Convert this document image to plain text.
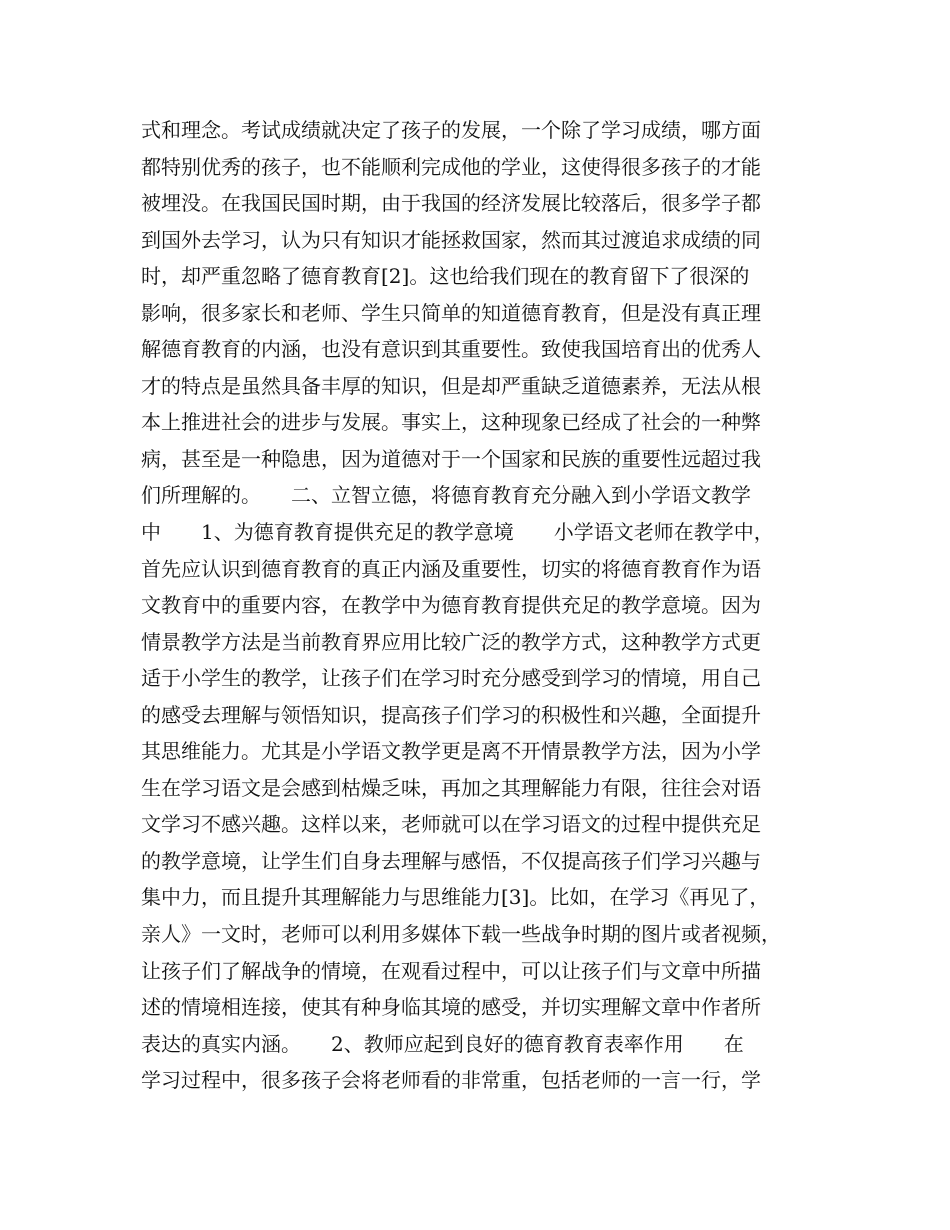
式和理念。考试成绩就决定了孩子的发展，一个除了学习成绩，哪方面
都特别优秀的孩子，也不能顺利完成他的学业，这使得很多孩子的才能
被埋没。在我国民国时期，由于我国的经济发展比较落后，很多学子都
到国外去学习，认为只有知识才能拯救国家，然而其过渡追求成绩的同
时，却严重忽略了德育教育[2]。这也给我们现在的教育留下了很深的
影响，很多家长和老师、学生只简单的知道德育教育，但是没有真正理
解德育教育的内涵，也没有意识到其重要性。致使我国培育出的优秀人
才的特点是虽然具备丰厚的知识，但是却严重缺乏道德素养，无法从根
本上推进社会的进步与发展。事实上，这种现象已经成了社会的一种弊
病，甚至是一种隐患，因为道德对于一个国家和民族的重要性远超过我
们所理解的。　　二、立智立德，将德育教育充分融入到小学语文教学
中　　1、为德育教育提供充足的教学意境　　小学语文老师在教学中，
首先应认识到德育教育的真正内涵及重要性，切实的将德育教育作为语
文教育中的重要内容，在教学中为德育教育提供充足的教学意境。因为
情景教学方法是当前教育界应用比较广泛的教学方式，这种教学方式更
适于小学生的教学，让孩子们在学习时充分感受到学习的情境，用自己
的感受去理解与领悟知识，提高孩子们学习的积极性和兴趣，全面提升
其思维能力。尤其是小学语文教学更是离不开情景教学方法，因为小学
生在学习语文是会感到枯燥乏味，再加之其理解能力有限，往往会对语
文学习不感兴趣。这样以来，老师就可以在学习语文的过程中提供充足
的教学意境，让学生们自身去理解与感悟，不仅提高孩子们学习兴趣与
集中力，而且提升其理解能力与思维能力[3]。比如，在学习《再见了，
亲人》一文时，老师可以利用多媒体下载一些战争时期的图片或者视频，
让孩子们了解战争的情境，在观看过程中，可以让孩子们与文章中所描
述的情境相连接，使其有种身临其境的感受，并切实理解文章中作者所
表达的真实内涵。　　2、教师应起到良好的德育教育表率作用　　在
学习过程中，很多孩子会将老师看的非常重，包括老师的一言一行，学
